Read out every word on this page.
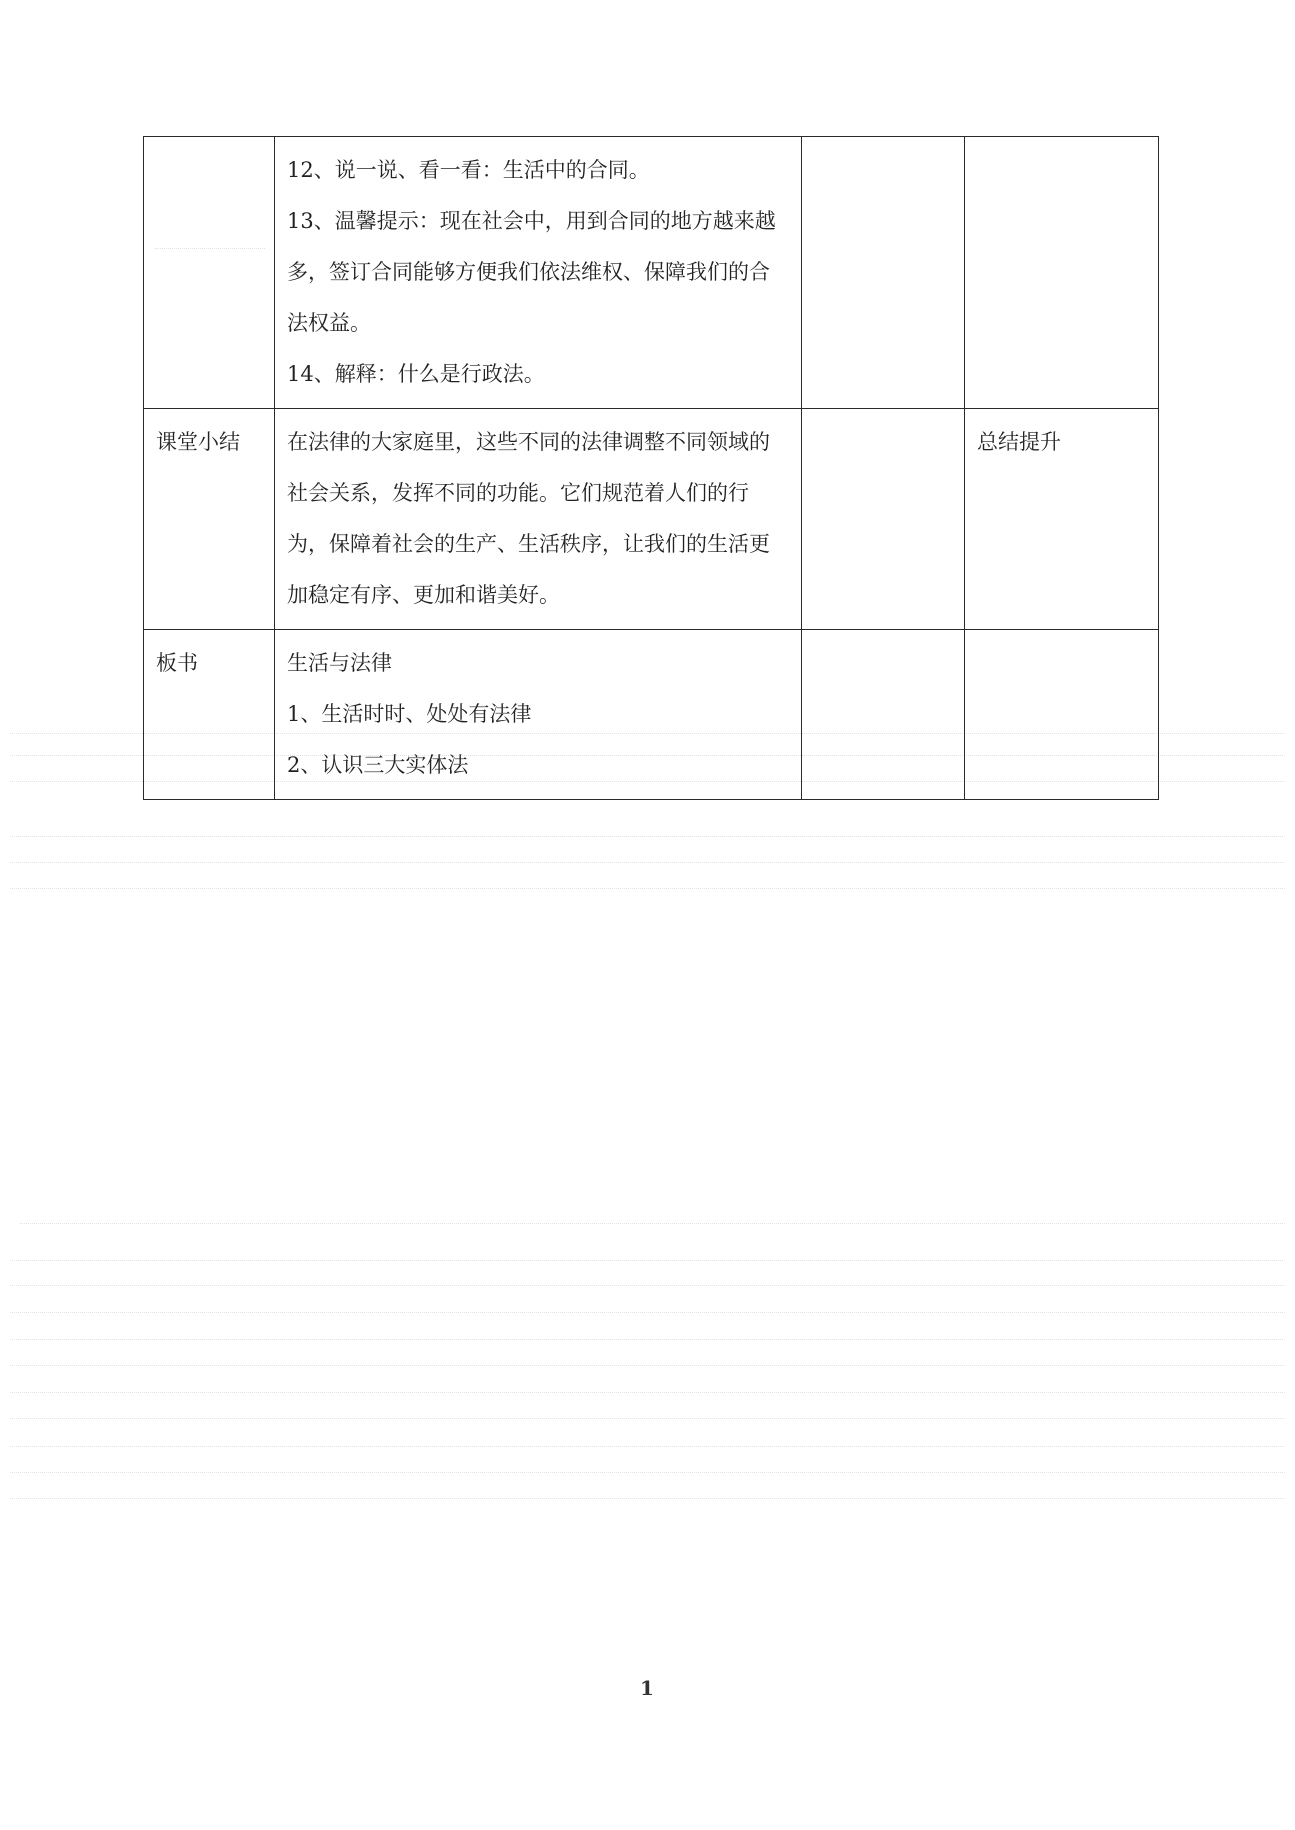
	12、说一说、看一看：生活中的合同。
13、温馨提示：现在社会中，用到合同的地方越来越多，签订合同能够方便我们依法维权、保障我们的合法权益。
14、解释：什么是行政法。		

课堂小结	在法律的大家庭里，这些不同的法律调整不同领域的社会关系，发挥不同的功能。它们规范着人们的行为，保障着社会的生产、生活秩序，让我们的生活更加稳定有序、更加和谐美好。		总结提升
板书	生活与法律
1、生活时时、处处有法律
2、认识三大实体法		

1
